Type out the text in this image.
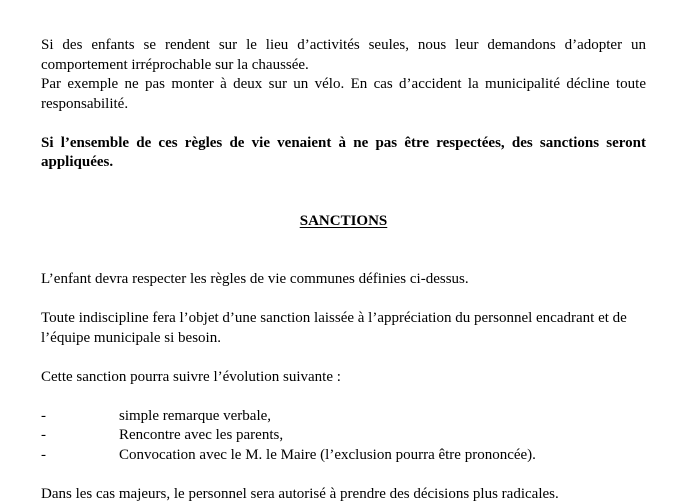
Si des enfants se rendent sur le lieu d’activités seules, nous leur demandons d’adopter un comportement irréprochable sur la chaussée.

Par exemple ne pas monter à deux sur un vélo. En cas d’accident la municipalité décline toute responsabilité.

Si l’ensemble de ces règles de vie venaient à ne pas être respectées, des sanctions seront appliquées.

SANCTIONS

L’enfant devra respecter les règles de vie communes définies ci-dessus.

Toute indiscipline fera l’objet d’une sanction laissée à l’appréciation du personnel encadrant et de l’équipe municipale si besoin.

Cette sanction pourra suivre l’évolution suivante :

-	simple remarque verbale,
-	Rencontre avec les parents,
-	Convocation avec le M. le Maire (l’exclusion pourra être prononcée).

Dans les cas majeurs, le personnel sera autorisé à prendre des décisions plus radicales.
